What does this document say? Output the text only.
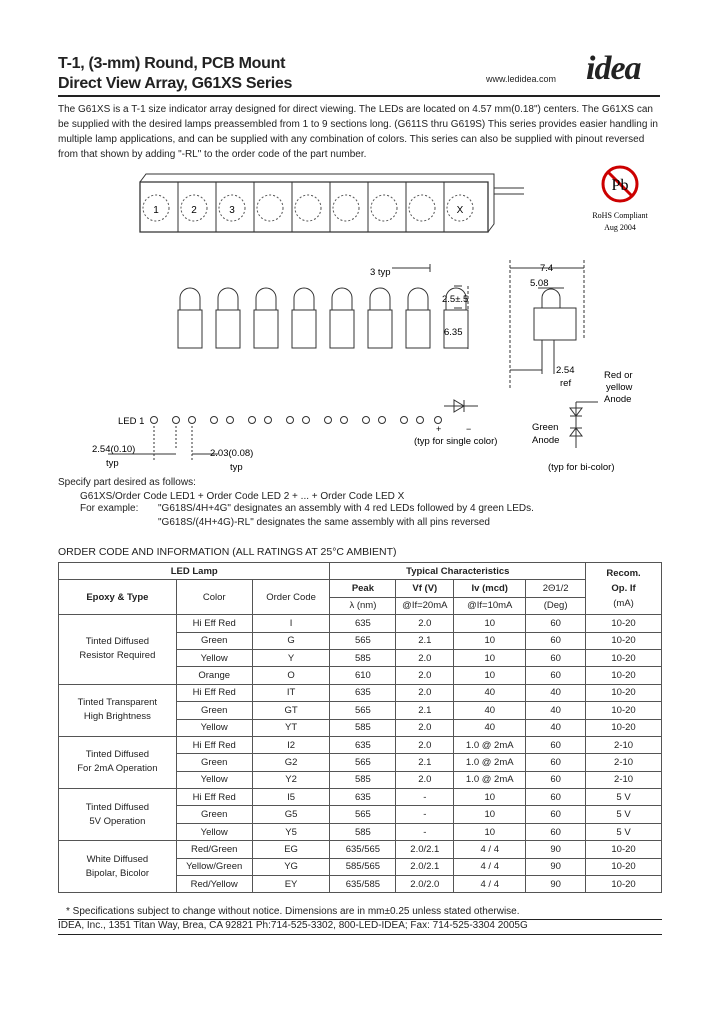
T-1, (3-mm) Round, PCB Mount
Direct View Array, G61XS Series	www.ledidea.com idea
The G61XS is a T-1 size indicator array designed for direct viewing. The LEDs are located on 4.57 mm(0.18") centers. The G61XS can be supplied with the desired lamps preassembled from 1 to 9 sections long. (G611S thru G619S) This series provides easier handling in multiple lamp applications, and can be supplied with any combination of colors. This series can also be supplied with pinout reversed from that shown by adding "-RL" to the order code of the part number.
1	2	3	X
Pb
RoHS Compliant
Aug 2004
3 typ
2.5±.5
6.35
7.4
5.08
2.54
ref
LED 1
2.54(0.10)
typ
2.03(0.08)
typ
+	−
(typ for single color)
Red or
yellow
Anode
Green
Anode
(typ for bi-color)
Specify part desired as follows:
G61XS/Order Code LED1 + Order Code LED 2 + ... + Order Code LED X
For example: "G618S/4H+4G" designates an assembly with 4 red LEDs followed by 4 green LEDs.
"G618S/(4H+4G)-RL" designates the same assembly with all pins reversed
ORDER CODE AND INFORMATION (ALL RATINGS AT 25°C AMBIENT)
LED Lamp			Typical Characteristics				Recom.
Op. If
(mA)

Epoxy & Type	Color	Order Code	Peak	Vf (V)	Iv (mcd)	2Θ1/2	
			λ (nm)	@If=20mA	@If=10mA	(Deg)	

Tinted Diffused
Resistor Required	Hi Eff Red	I	635	2.0	10	60	10-20
	Green	G	565	2.1	10	60	10-20
	Yellow	Y	585	2.0	10	60	10-20
	Orange	O	610	2.0	10	60	10-20

Tinted Transparent
High Brightness	Hi Eff Red	IT	635	2.0	40	40	10-20
	Green	GT	565	2.1	40	40	10-20
	Yellow	YT	585	2.0	40	40	10-20

Tinted Diffused
For 2mA Operation	Hi Eff Red	I2	635	2.0	1.0 @ 2mA	60	2-10
	Green	G2	565	2.1	1.0 @ 2mA	60	2-10
	Yellow	Y2	585	2.0	1.0 @ 2mA	60	2-10

Tinted Diffused
5V Operation	Hi Eff Red	I5	635	-	10	60	5 V
	Green	G5	565	-	10	60	5 V
	Yellow	Y5	585	-	10	60	5 V

White Diffused
Bipolar, Bicolor	Red/Green	EG	635/565	2.0/2.1	4 / 4	90	10-20
	Yellow/Green	YG	585/565	2.0/2.1	4 / 4	90	10-20
	Red/Yellow	EY	635/585	2.0/2.0	4 / 4	90	10-20
* Specifications subject to change without notice. Dimensions are in mm±0.25 unless stated otherwise.
IDEA, Inc., 1351 Titan Way, Brea, CA 92821 Ph:714-525-3302, 800-LED-IDEA; Fax: 714-525-3304 2005G
